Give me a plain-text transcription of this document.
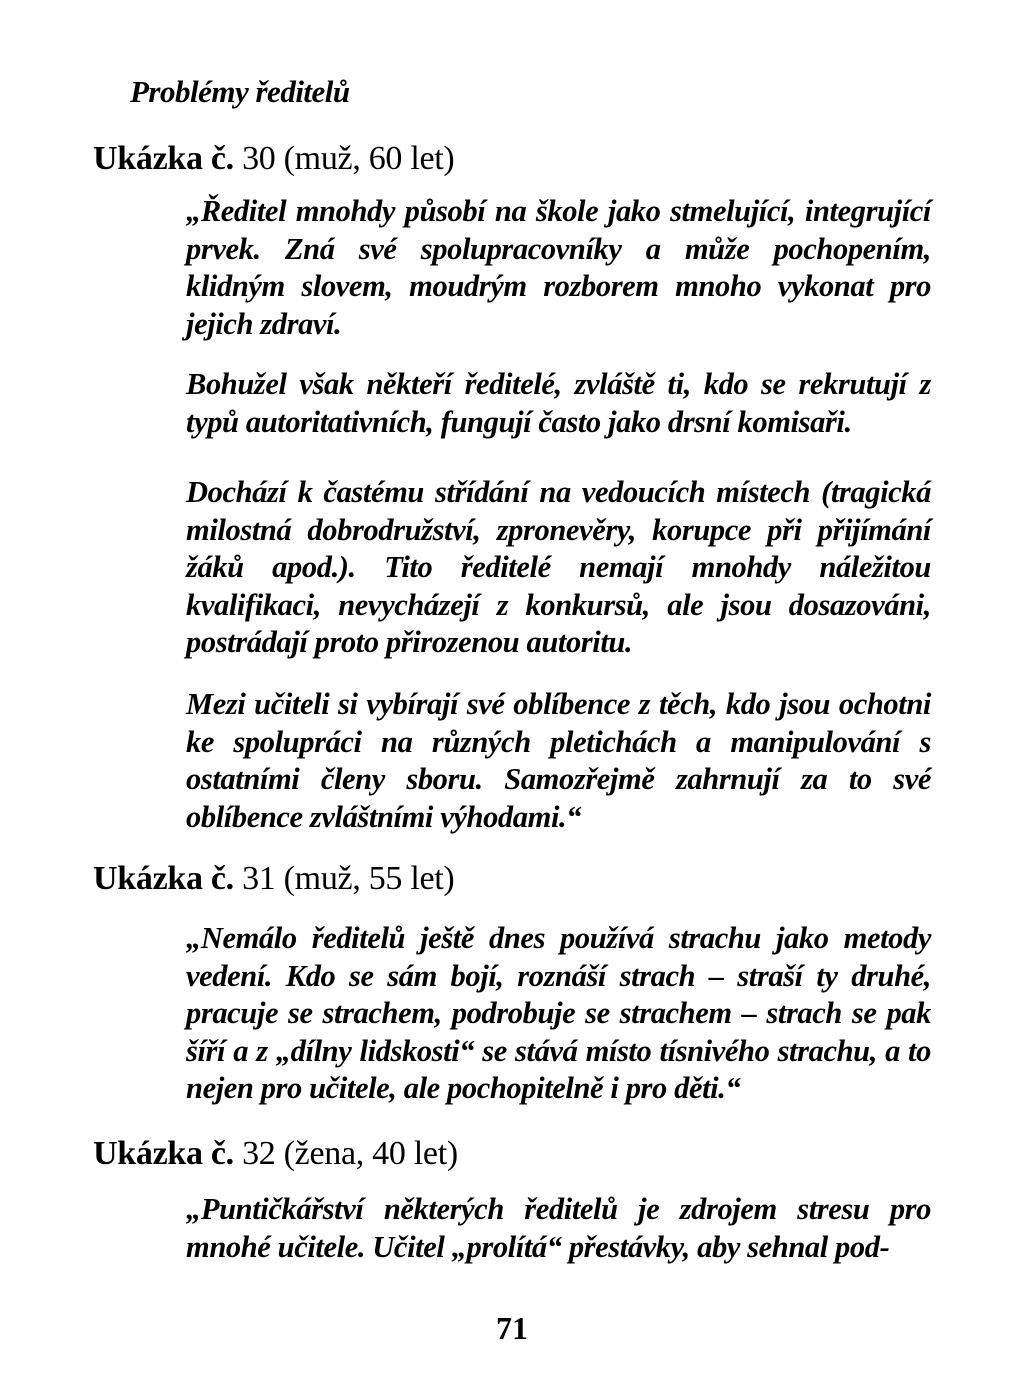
Problémy ředitelů
Ukázka č. 30 (muž, 60 let)

„Ředitel mnohdy působí na škole jako stmelující, integrující prvek. Zná své spolupracovníky a může pochopením, klidným slovem, moudrým rozborem mnoho vykonat pro jejich zdraví.

Bohužel však někteří ředitelé, zvláště ti, kdo se rekrutují z typů autoritativních, fungují často jako drsní komisaři.

Dochází k častému střídání na vedoucích místech (tragická milostná dobrodružství, zpronevěry, korupce při přijímání žáků apod.). Tito ředitelé nemají mnohdy náležitou kvalifikaci, nevycházejí z konkursů, ale jsou dosazováni, postrádají proto přirozenou autoritu.

Mezi učiteli si vybírají své oblíbence z těch, kdo jsou ochotni ke spolupráci na různých pletichách a manipulování s ostatními členy sboru. Samozřejmě zahrnují za to své oblíbence zvláštními výhodami.“

Ukázka č. 31 (muž, 55 let)

„Nemálo ředitelů ještě dnes používá strachu jako metody vedení. Kdo se sám bojí, roznáší strach – straší ty druhé, pracuje se strachem, podrobuje se strachem – strach se pak šíří a z „dílny lidskosti“ se stává místo tísnivého strachu, a to nejen pro učitele, ale pochopitelně i pro děti.“

Ukázka č. 32 (žena, 40 let)

„Puntičkářství některých ředitelů je zdrojem stresu pro mnohé učitele. Učitel „prolítá“ přestávky, aby sehnal pod-

71
